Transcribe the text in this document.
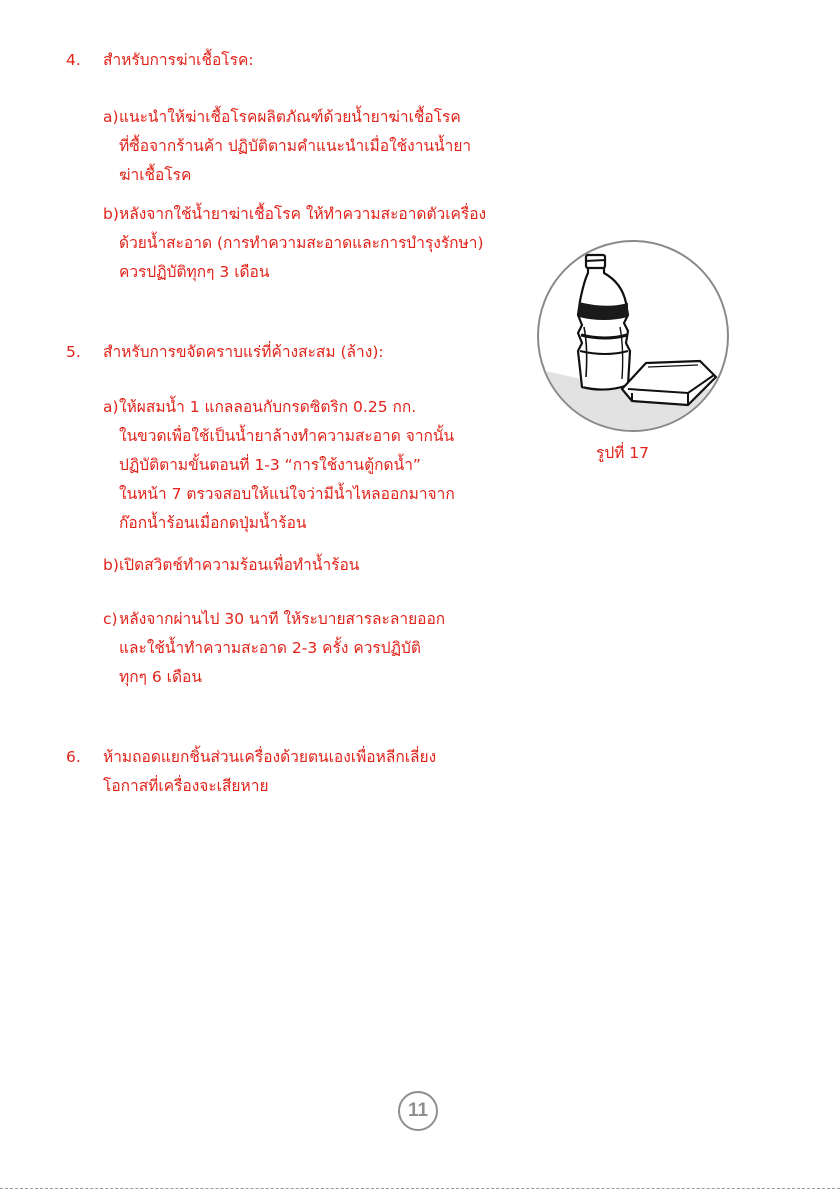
4. สำหรับการฆ่าเชื้อโรค:
a) แนะนำให้ฆ่าเชื้อโรคผลิตภัณฑ์ด้วยน้ำยาฆ่าเชื้อโรค
ที่ซื้อจากร้านค้า ปฏิบัติตามคำแนะนำเมื่อใช้งานน้ำยา
ฆ่าเชื้อโรค
b) หลังจากใช้น้ำยาฆ่าเชื้อโรค ให้ทำความสะอาดตัวเครื่อง
ด้วยน้ำสะอาด (การทำความสะอาดและการบำรุงรักษา)
ควรปฏิบัติทุกๆ 3 เดือน
5. สำหรับการขจัดคราบแร่ที่ค้างสะสม (ล้าง):
a) ให้ผสมน้ำ 1 แกลลอนกับกรดซิตริก 0.25 กก.
ในขวดเพื่อใช้เป็นน้ำยาล้างทำความสะอาด จากนั้น
ปฏิบัติตามขั้นตอนที่ 1-3 “การใช้งานตู้กดน้ำ”
ในหน้า 7 ตรวจสอบให้แน่ใจว่ามีน้ำไหลออกมาจาก
ก๊อกน้ำร้อนเมื่อกดปุ่มน้ำร้อน
b) เปิดสวิตช์ทำความร้อนเพื่อทำน้ำร้อน
c) หลังจากผ่านไป 30 นาที ให้ระบายสารละลายออก
และใช้น้ำทำความสะอาด 2-3 ครั้ง ควรปฏิบัติ
ทุกๆ 6 เดือน
6. ห้ามถอดแยกชิ้นส่วนเครื่องด้วยตนเองเพื่อหลีกเลี่ยง
โอกาสที่เครื่องจะเสียหาย
รูปที่ 17
11
